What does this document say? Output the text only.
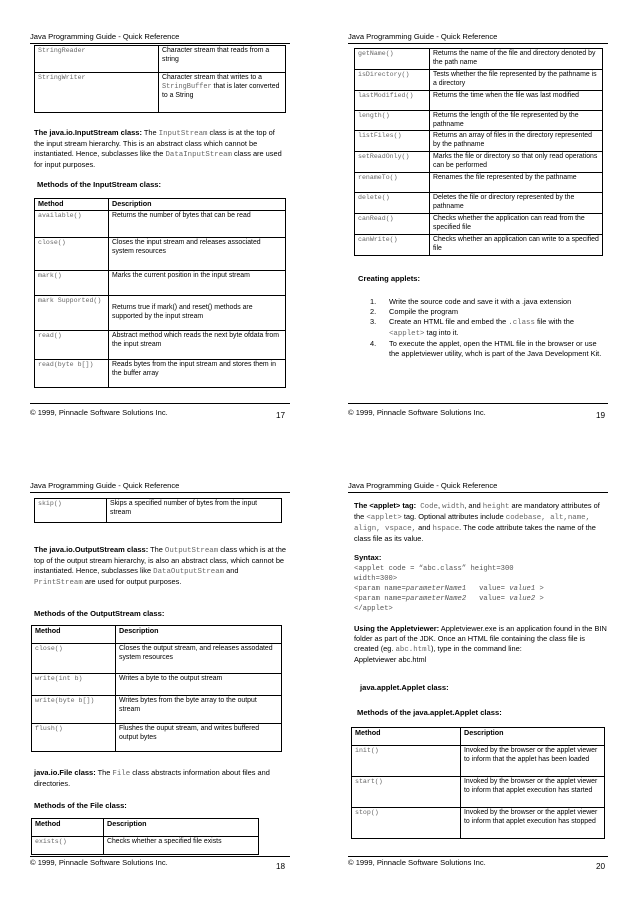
Java Programming Guide - Quick Reference
StringReader	Character stream that reads from a string
StringWriter	Character stream that writes to a StringBuffer that is later converted to a String
The java.io.InputStream class: The InputStream class is at the top of the input stream hierarchy. This is an abstract class which cannot be instantiated. Hence, subclasses like the DataInputStream class are used for input purposes.
Methods of the InputStream class:
Method	Description
available()	Returns the number of bytes that can be read
close()	Closes the input stream and releases associated system resources
mark()	Marks the current position in the input stream
mark Supported()	Returns true if mark() and reset() methods are supported by the input stream
read()	Abstract method which reads the next byte ofdata from the input stream
read(byte b[])	Reads bytes from the input stream and stores them in the buffer array
© 1999, Pinnacle Software Solutions Inc.	17
Java Programming Guide - Quick Reference
getName()	Returns the name of the file and directory denoted by the path name
isDirectory()	Tests whether the file represented by the pathname is a directory
lastModified()	Returns the time when the file was last modified
length()	Returns the length of the file represented by the pathname
listFiles()	Returns an array of files in the directory represented by the pathname
setReadOnly()	Marks the file or directory so that only read operations can be performed
renameTo()	Renames the file represented by the pathname
delete()	Deletes the file or directory represented by the pathname
canRead()	Checks whether the application can read from the specified file
canWrite()	Checks whether an application can write to a specified file
Creating applets:
1. Write the source code and save it with a .java extension
2. Compile the program
3. Create an HTML file and embed the .class file with the <applet> tag into it.
4. To execute the applet, open the HTML file in the browser or use the appletviewer utility, whch is part of the Java Development Kit.
© 1999, Pinnacle Software Solutions Inc.	19
Java Programming Guide - Quick Reference
skip()	Skips a specified number of bytes from the input stream
The java.io.OutputStream class: The OutputStream class which is at the top of the output stream hierarchy, is also an abstract class, which cannot be instantiated. Hence, subclasses like DataOutputStream and PrintStream are used for output purposes.
Methods of the OutputStream class:
Method	Description
close()	Closes the output stream, and releases assodated system resources
write(int b)	Writes a byte to the output stream
write(byte b[])	Writes bytes from the byte array to the output stream
flush()	Flushes the ouput stream, and writes buffered output bytes
java.io.File class: The File class abstracts information about files and directories.
Methods of the File class:
Method	Description
exists()	Checks whether a specified file exists
© 1999, Pinnacle Software Solutions Inc.	18
Java Programming Guide - Quick Reference
The <applet> tag: Code, width, and height are mandatory attributes of the <applet> tag. Optional attributes include codebase, alt,name, align, vspace, and hspace. The code attribute takes the name of the class file as its value.
Syntax:
<applet code = “abc.class” height=300
width=300>
<param name=parameterName1   value= value1 >
<param name=parameterName2   value= value2 >
</applet>
Using the Appletviewer: Appletviewer.exe is an application found in the BIN folder as part of the JDK. Once an HTML file containing the class file is created (eg. abc.html), type in the command line:
Appletviewer abc.html
java.applet.Applet class:
Methods of the java.applet.Applet class:
Method	Description
init()	Invoked by the browser or the applet viewer to inform that the applet has been loaded
start()	Invoked by the browser or the applet viewer to inform that applet execution has started
stop()	Invoked by the browser or the applet viewer to inform that applet execution has stopped
© 1999, Pinnacle Software Solutions Inc.	20
